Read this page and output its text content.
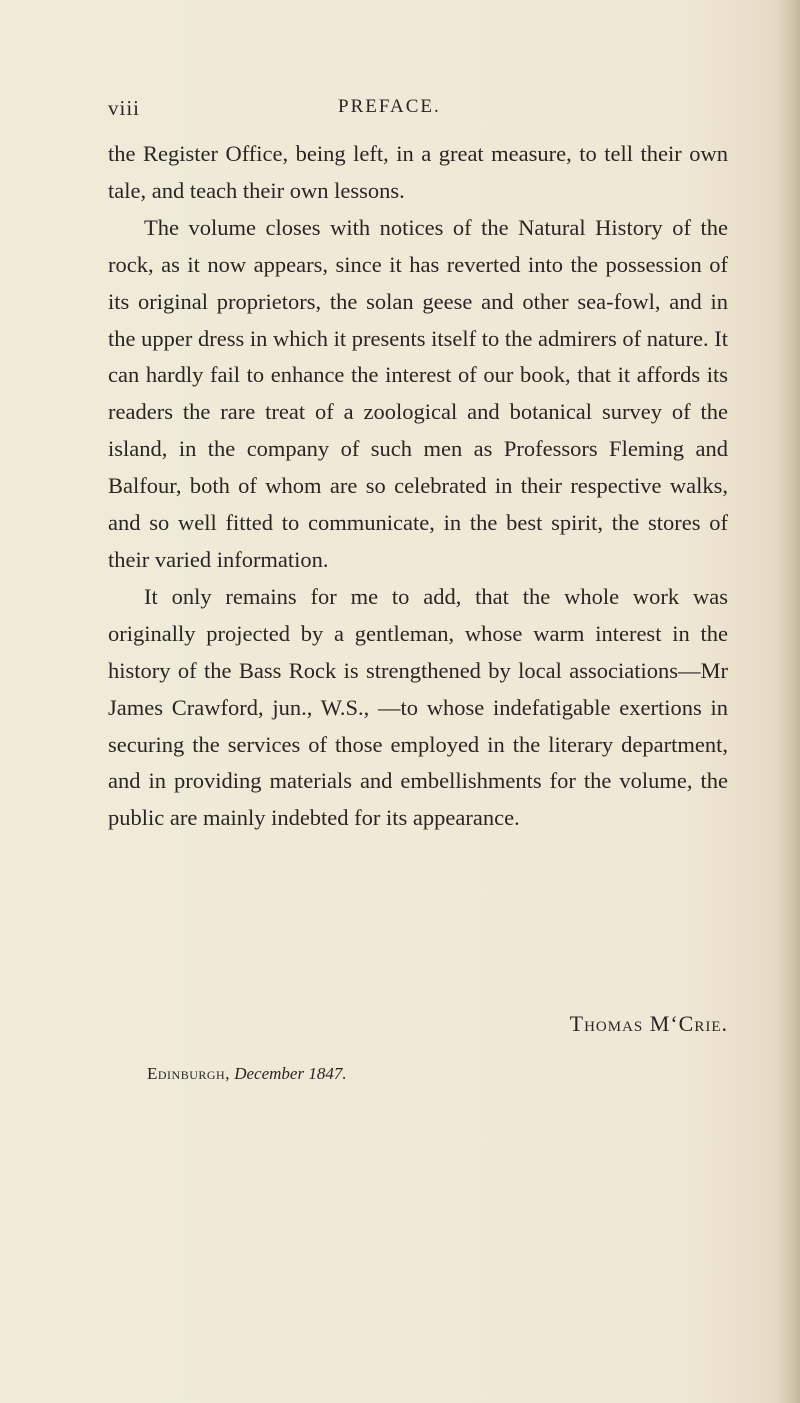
viii	PREFACE.

the Register Office, being left, in a great measure, to tell their own tale, and teach their own lessons.

The volume closes with notices of the Natural History of the rock, as it now appears, since it has reverted into the possession of its original proprietors, the solan geese and other sea-fowl, and in the upper dress in which it presents itself to the admirers of nature. It can hardly fail to enhance the interest of our book, that it affords its readers the rare treat of a zoological and botanical survey of the island, in the company of such men as Professors Fleming and Balfour, both of whom are so celebrated in their respective walks, and so well fitted to communicate, in the best spirit, the stores of their varied information.

It only remains for me to add, that the whole work was originally projected by a gentleman, whose warm interest in the history of the Bass Rock is strengthened by local associations—Mr James Crawford, jun., W.S., —to whose indefatigable exertions in securing the services of those employed in the literary department, and in providing materials and embellishments for the volume, the public are mainly indebted for its appearance.

Thomas M‘Crie.
Edinburgh, December 1847.
